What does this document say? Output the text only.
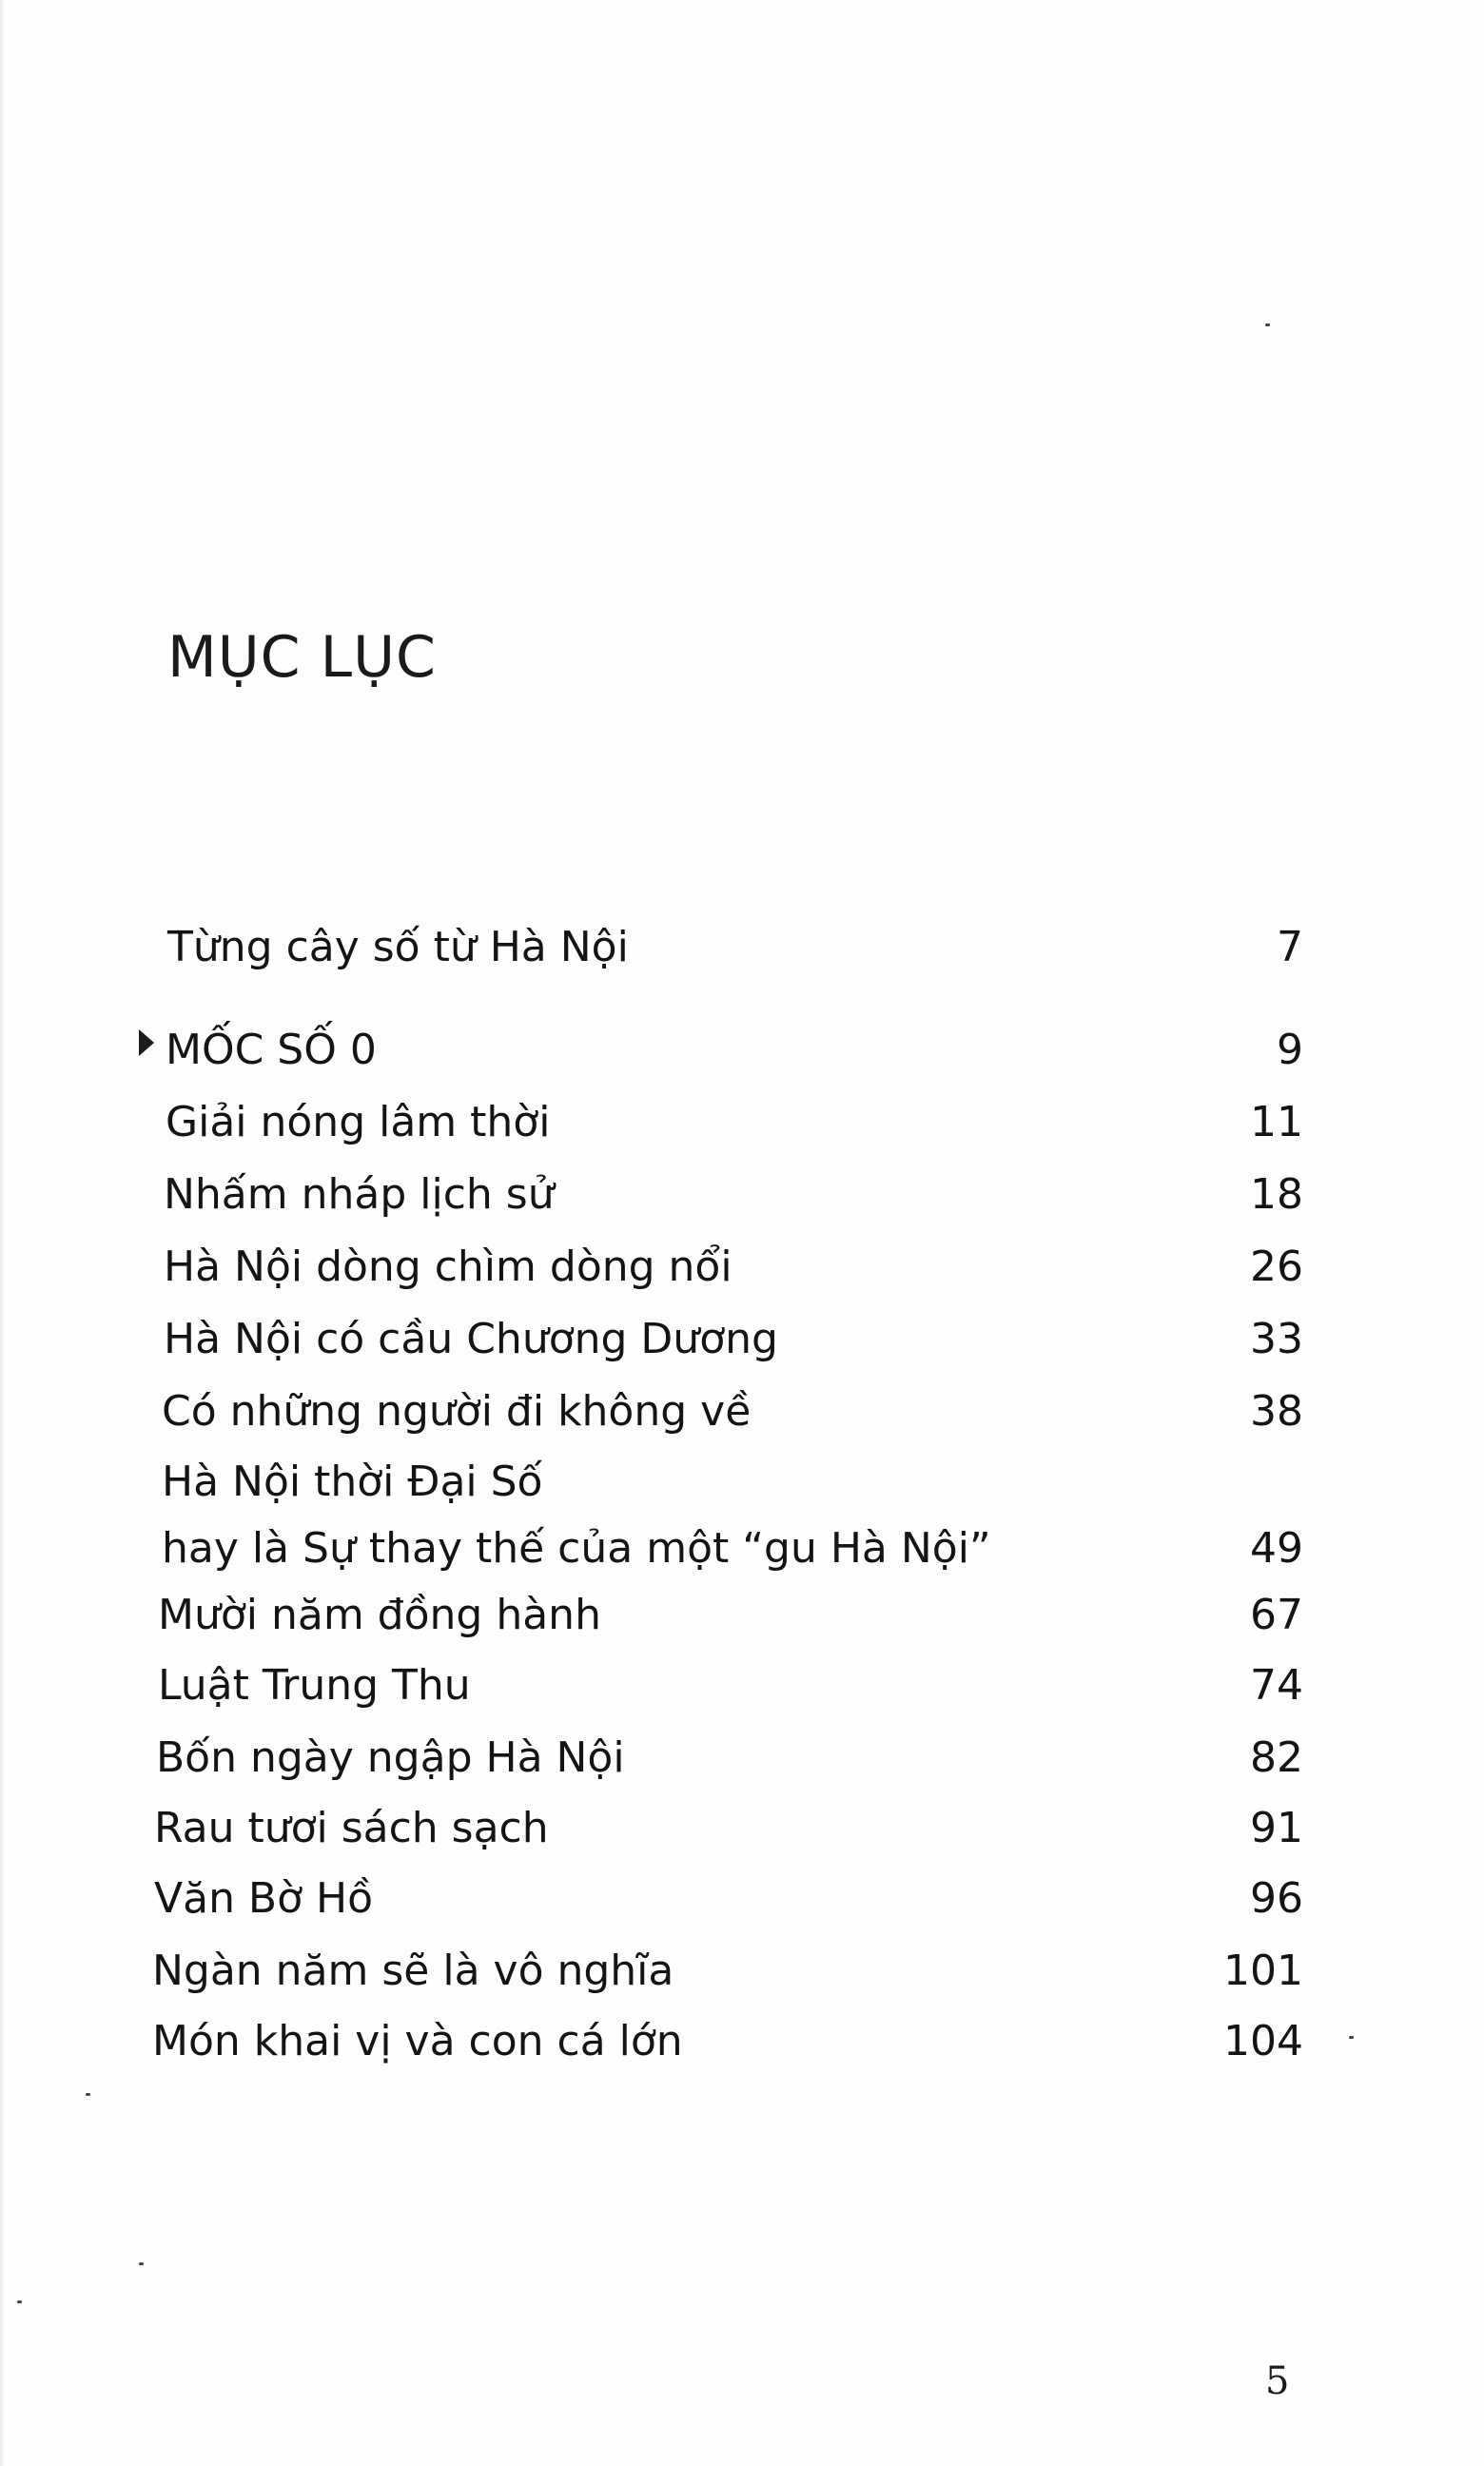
MỤC LỤC
Từng cây số từ Hà Nội	7
MỐC SỐ 0	9
Giải nóng lâm thời	11
Nhấm nháp lịch sử	18
Hà Nội dòng chìm dòng nổi	26
Hà Nội có cầu Chương Dương	33
Có những người đi không về	38
Hà Nội thời Đại Số
hay là Sự thay thế của một “gu Hà Nội”	49
Mười năm đồng hành	67
Luật Trung Thu	74
Bốn ngày ngập Hà Nội	82
Rau tươi sách sạch	91
Văn Bờ Hồ	96
Ngàn năm sẽ là vô nghĩa	101
Món khai vị và con cá lớn	104
5
